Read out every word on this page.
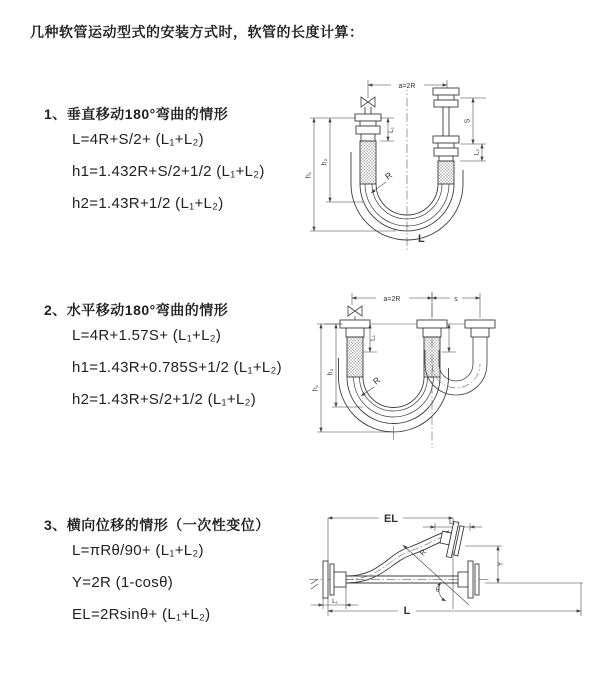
几种软管运动型式的安装方式时，软管的长度计算：
1、垂直移动180°弯曲的情形
L=4R+S/2+ (L₁+L₂)
h1=1.432R+S/2+1/2 (L₁+L₂)
h2=1.43R+1/2 (L₁+L₂)
2、水平移动180°弯曲的情形
L=4R+1.57S+ (L₁+L₂)
h1=1.43R+0.785S+1/2 (L₁+L₂)
h2=1.43R+S/2+1/2 (L₁+L₂)
3、横向位移的情形（一次性变位）
L=πRθ/90+ (L₁+L₂)
Y=2R (1-cosθ)
EL=2Rsinθ+ (L₁+L₂)
a=2R
L₁
S
L₂
h₁
h₂
R
L
a=2R	s
h₁
h₂
L₁
R
EL	L₁
Y
R
θ
L
L₁
